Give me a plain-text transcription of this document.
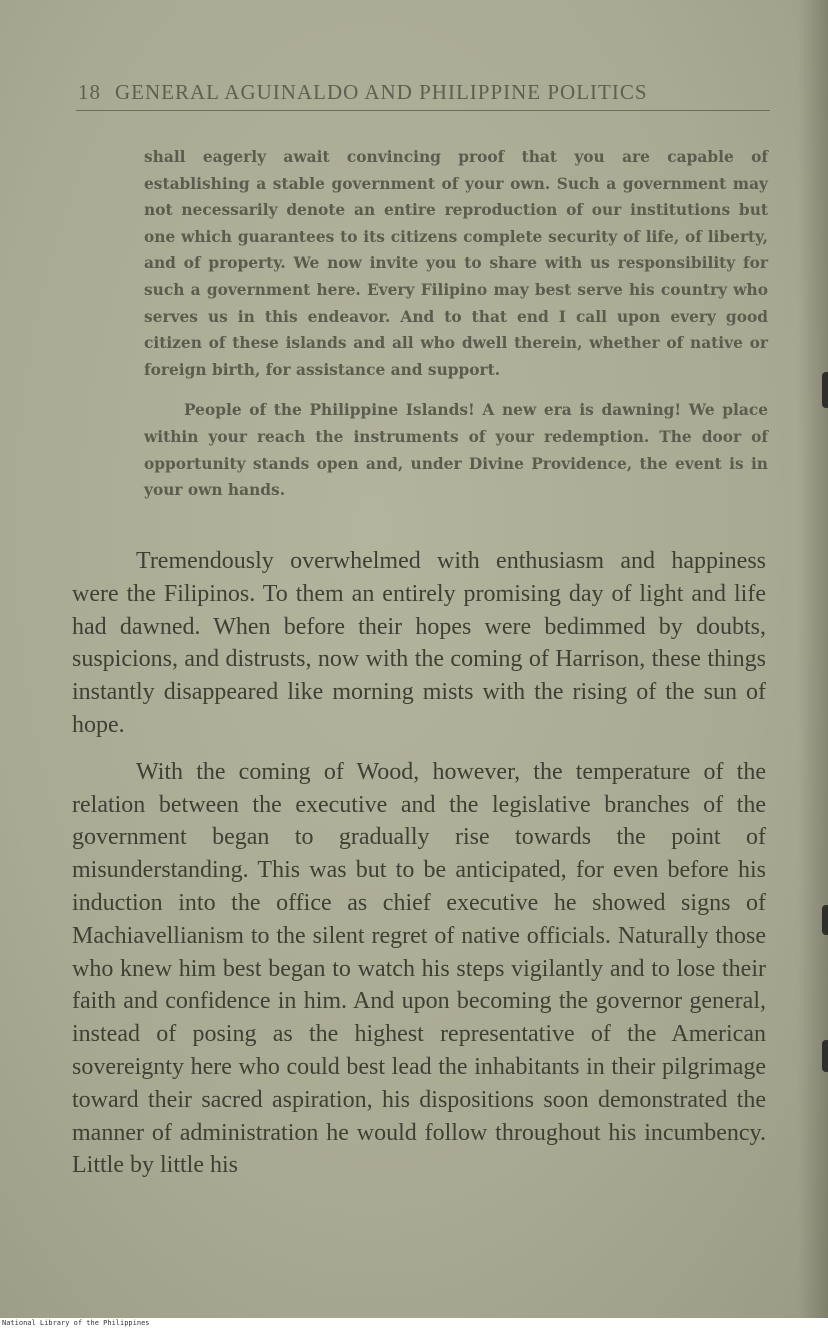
18 GENERAL AGUINALDO AND PHILIPPINE POLITICS

shall eagerly await convincing proof that you are capable of establishing a stable government of your own. Such a government may not necessarily denote an entire reproduction of our institutions but one which guarantees to its citizens complete security of life, of liberty, and of property. We now invite you to share with us responsibility for such a government here. Every Filipino may best serve his country who serves us in this endeavor. And to that end I call upon every good citizen of these islands and all who dwell therein, whether of native or foreign birth, for assistance and support.

People of the Philippine Islands! A new era is dawning! We place within your reach the instruments of your redemption. The door of opportunity stands open and, under Divine Providence, the event is in your own hands.

Tremendously overwhelmed with enthusiasm and happiness were the Filipinos. To them an entirely promising day of light and life had dawned. When before their hopes were bedimmed by doubts, suspicions, and distrusts, now with the coming of Harrison, these things instantly disappeared like morning mists with the rising of the sun of hope.

With the coming of Wood, however, the temperature of the relation between the executive and the legislative branches of the government began to gradually rise towards the point of misunderstanding. This was but to be anticipated, for even before his induction into the office as chief executive he showed signs of Machiavellianism to the silent regret of native officials. Naturally those who knew him best began to watch his steps vigilantly and to lose their faith and confidence in him. And upon becoming the governor general, instead of posing as the highest representative of the American sovereignty here who could best lead the inhabitants in their pilgrimage toward their sacred aspiration, his dispositions soon demonstrated the manner of administration he would follow throughout his incumbency. Little by little his

National Library of the Philippines
